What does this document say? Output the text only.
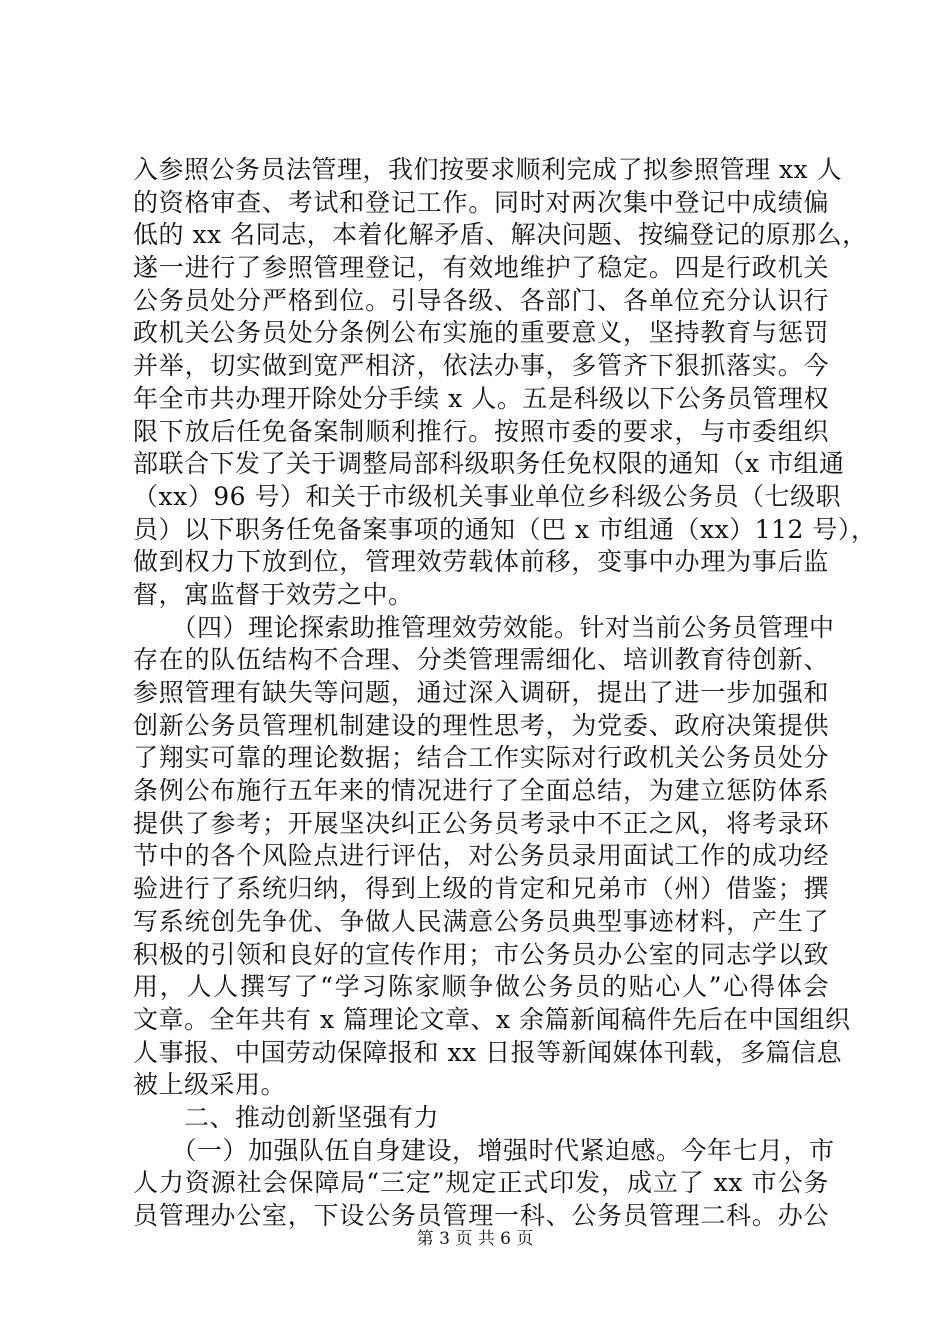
入参照公务员法管理，我们按要求顺利完成了拟参照管理 xx 人
的资格审查、考试和登记工作。同时对两次集中登记中成绩偏
低的 xx 名同志，本着化解矛盾、解决问题、按编登记的原那么，
遂一进行了参照管理登记，有效地维护了稳定。四是行政机关
公务员处分严格到位。引导各级、各部门、各单位充分认识行
政机关公务员处分条例公布实施的重要意义，坚持教育与惩罚
并举，切实做到宽严相济，依法办事，多管齐下狠抓落实。今
年全市共办理开除处分手续 x 人。五是科级以下公务员管理权
限下放后任免备案制顺利推行。按照市委的要求，与市委组织
部联合下发了关于调整局部科级职务任免权限的通知（x 市组通
（xx）96 号）和关于市级机关事业单位乡科级公务员（七级职
员）以下职务任免备案事项的通知（巴 x 市组通（xx）112 号），
做到权力下放到位，管理效劳载体前移，变事中办理为事后监
督，寓监督于效劳之中。
　　（四）理论探索助推管理效劳效能。针对当前公务员管理中
存在的队伍结构不合理、分类管理需细化、培训教育待创新、
参照管理有缺失等问题，通过深入调研，提出了进一步加强和
创新公务员管理机制建设的理性思考，为党委、政府决策提供
了翔实可靠的理论数据；结合工作实际对行政机关公务员处分
条例公布施行五年来的情况进行了全面总结，为建立惩防体系
提供了参考；开展坚决纠正公务员考录中不正之风，将考录环
节中的各个风险点进行评估，对公务员录用面试工作的成功经
验进行了系统归纳，得到上级的肯定和兄弟市（州）借鉴；撰
写系统创先争优、争做人民满意公务员典型事迹材料，产生了
积极的引领和良好的宣传作用；市公务员办公室的同志学以致
用，人人撰写了“学习陈家顺争做公务员的贴心人”心得体会
文章。全年共有 x 篇理论文章、x 余篇新闻稿件先后在中国组织
人事报、中国劳动保障报和 xx 日报等新闻媒体刊载，多篇信息
被上级采用。
　　二、推动创新坚强有力
　　（一）加强队伍自身建设，增强时代紧迫感。今年七月，市
人力资源社会保障局“三定”规定正式印发，成立了 xx 市公务
员管理办公室，下设公务员管理一科、公务员管理二科。办公
第 3 页 共 6 页
